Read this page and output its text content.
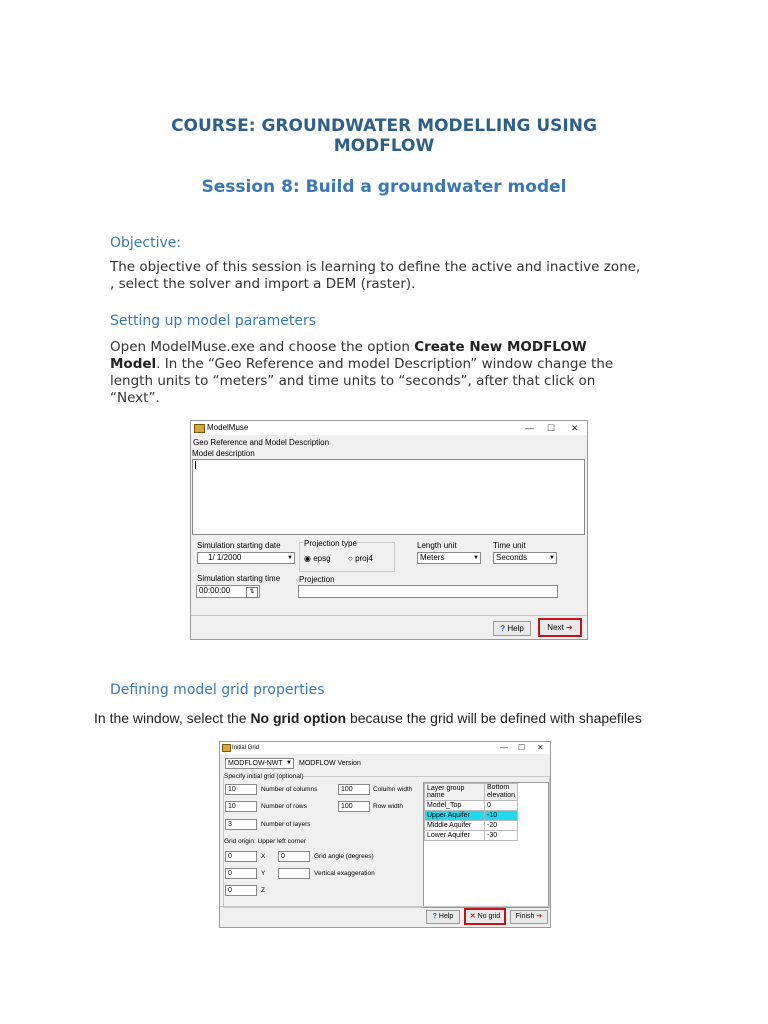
COURSE: GROUNDWATER MODELLING USING
MODFLOW
Session 8: Build a groundwater model
Objective:
The objective of this session is learning to define the active and inactive zone,
, select the solver and import a DEM (raster).
Setting up model parameters
Open ModelMuse.exe and choose the option Create New MODFLOW
Model. In the “Geo Reference and model Description” window change the
length units to “meters” and time units to “seconds”, after that click on
“Next”.
ModelMuse	— ☐ ✕
Geo Reference and Model Description
Model description
Simulation starting date
1/ 1/2000	▼
Projection type
◉ epsg ○ proj4
Length unit
Meters	▼
Time unit
Seconds	▼
Simulation starting time
00:00:00	⇅
Projection
? Help	Next ➔
Defining model grid properties
In the window, select the No grid option because the grid will be defined with shapefiles
Initial Grid	— ☐ ✕
MODFLOW-NWT ▼ MODFLOW Version
Specify initial grid (optional)
10	Number of columns	100	Column width
10	Number of rows	100	Row width
3	Number of layers
Grid origin: Upper left corner
0	X	0	Grid angle (degrees)
0	Y	Vertical exaggeration
0	Z
Layer group name	Bottom
elevation
Model_Top	0
Upper Aquifer	-10
Middle Aquifer	-20
Lower Aquifer	-30
? Help	✕ No grid	Finish ➔
